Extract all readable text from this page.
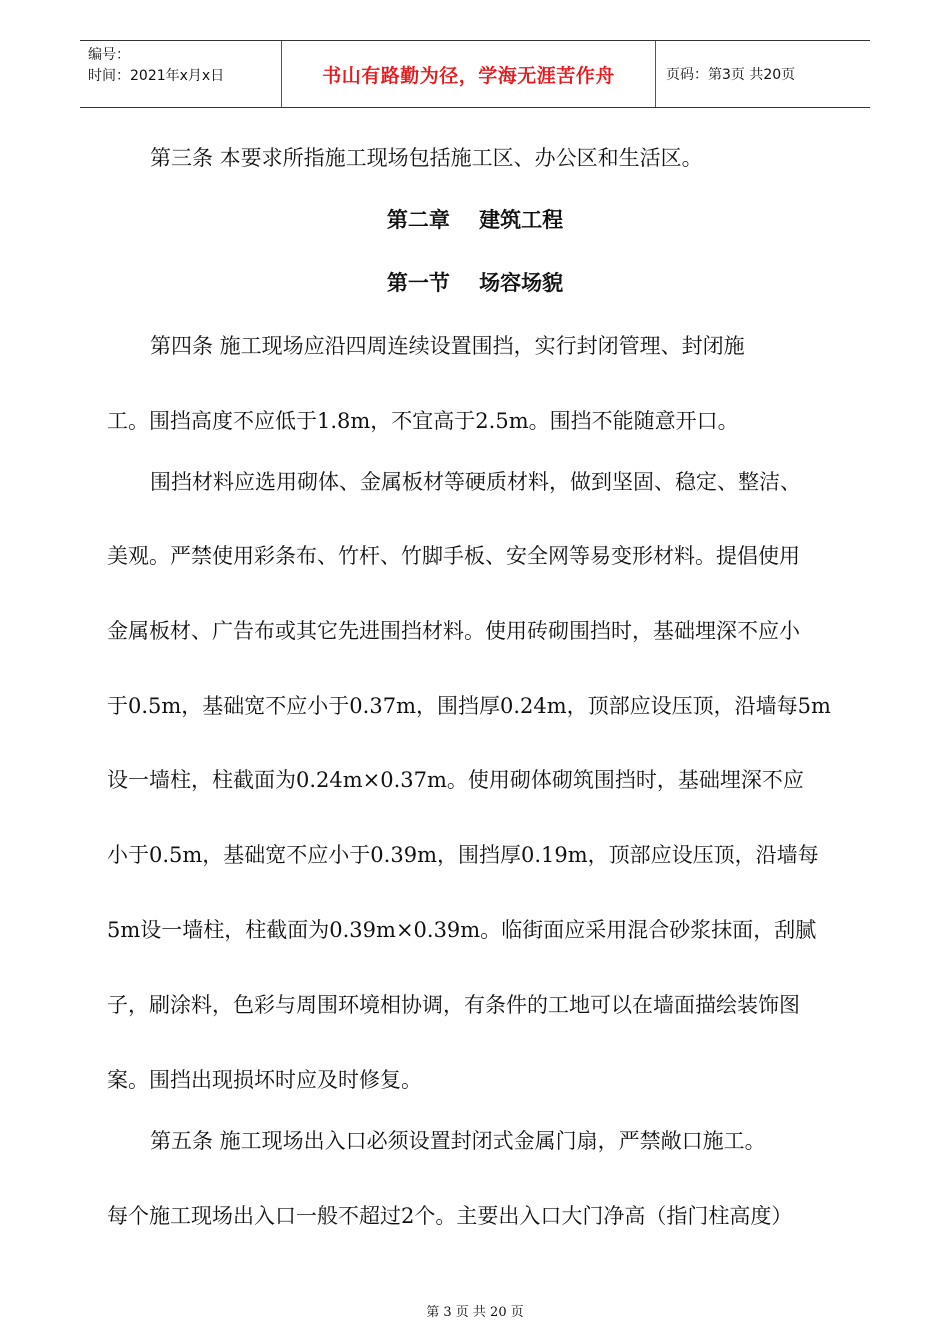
编号：
时间：2021年x月x日	书山有路勤为径，学海无涯苦作舟	页码：第3页 共20页
第三条 本要求所指施工现场包括施工区、办公区和生活区。
第二章    建筑工程
第一节    场容场貌
第四条 施工现场应沿四周连续设置围挡，实行封闭管理、封闭施
工。围挡高度不应低于1.8m，不宜高于2.5m。围挡不能随意开口。
围挡材料应选用砌体、金属板材等硬质材料，做到坚固、稳定、整洁、
美观。严禁使用彩条布、竹杆、竹脚手板、安全网等易变形材料。提倡使用
金属板材、广告布或其它先进围挡材料。使用砖砌围挡时，基础埋深不应小
于0.5m，基础宽不应小于0.37m，围挡厚0.24m，顶部应设压顶，沿墙每5m
设一墙柱，柱截面为0.24m×0.37m。使用砌体砌筑围挡时，基础埋深不应
小于0.5m，基础宽不应小于0.39m，围挡厚0.19m，顶部应设压顶，沿墙每
5m设一墙柱，柱截面为0.39m×0.39m。临街面应采用混合砂浆抹面，刮腻
子，刷涂料，色彩与周围环境相协调，有条件的工地可以在墙面描绘装饰图
案。围挡出现损坏时应及时修复。
第五条 施工现场出入口必须设置封闭式金属门扇，严禁敞口施工。
每个施工现场出入口一般不超过2个。主要出入口大门净高（指门柱高度）
第 3 页 共 20 页
